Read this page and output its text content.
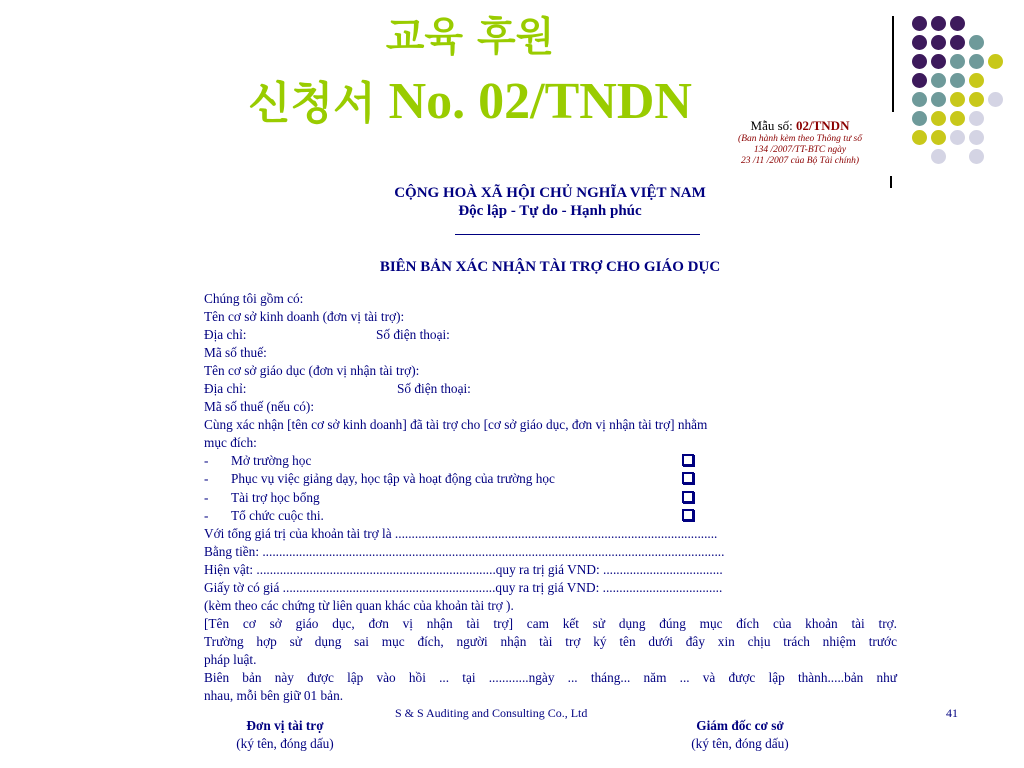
교육 후원
신청서 No. 02/TNDN	Mẫu số: 02/TNDN
(Ban hành kèm theo Thông tư số
134 /2007/TT-BTC ngày
23 /11 /2007 của Bộ Tài chính)
CỘNG HOÀ XÃ HỘI CHỦ NGHĨA VIỆT NAM
Độc lập - Tự do - Hạnh phúc
BIÊN BẢN XÁC NHẬN TÀI TRỢ CHO GIÁO DỤC
Chúng tôi gồm có:
Tên cơ sở kinh doanh (đơn vị tài trợ):
Địa chỉ:	Số điện thoại:
Mã số thuế:
Tên cơ sở giáo dục (đơn vị nhận tài trợ):
Địa chỉ:	Số điện thoại:
Mã số thuế (nếu có):
Cùng xác nhận [tên cơ sở kinh doanh] đã tài trợ cho [cơ sở giáo dục, đơn vị nhận tài trợ] nhằm
mục đích:
- Mở trường học
- Phục vụ việc giảng dạy, học tập và hoạt động của trường học
- Tài trợ học bổng
- Tổ chức cuộc thi.
Với tổng giá trị của khoản tài trợ là .................................................................................................
Bằng tiền: ...........................................................................................................................................
Hiện vật: ........................................................................quy ra trị giá VND: ....................................
Giấy tờ có giá ................................................................quy ra trị giá VND: ....................................
(kèm theo các chứng từ liên quan khác của khoản tài trợ ).
[Tên cơ sở giáo dục, đơn vị nhận tài trợ] cam kết sử dụng đúng mục đích của khoản tài trợ.
Trường hợp sử dụng sai mục đích, người nhận tài trợ ký tên dưới đây xin chịu trách nhiệm trước
pháp luật.
Biên bản này được lập vào hồi ... tại ............ngày ... tháng... năm ... và được lập thành.....bản như
nhau, mỗi bên giữ 01 bản.
S & S Auditing and Consulting Co., Ltd	41
Đơn vị tài trợ
(ký tên, đóng dấu)
Giám đốc cơ sở
(ký tên, đóng dấu)
